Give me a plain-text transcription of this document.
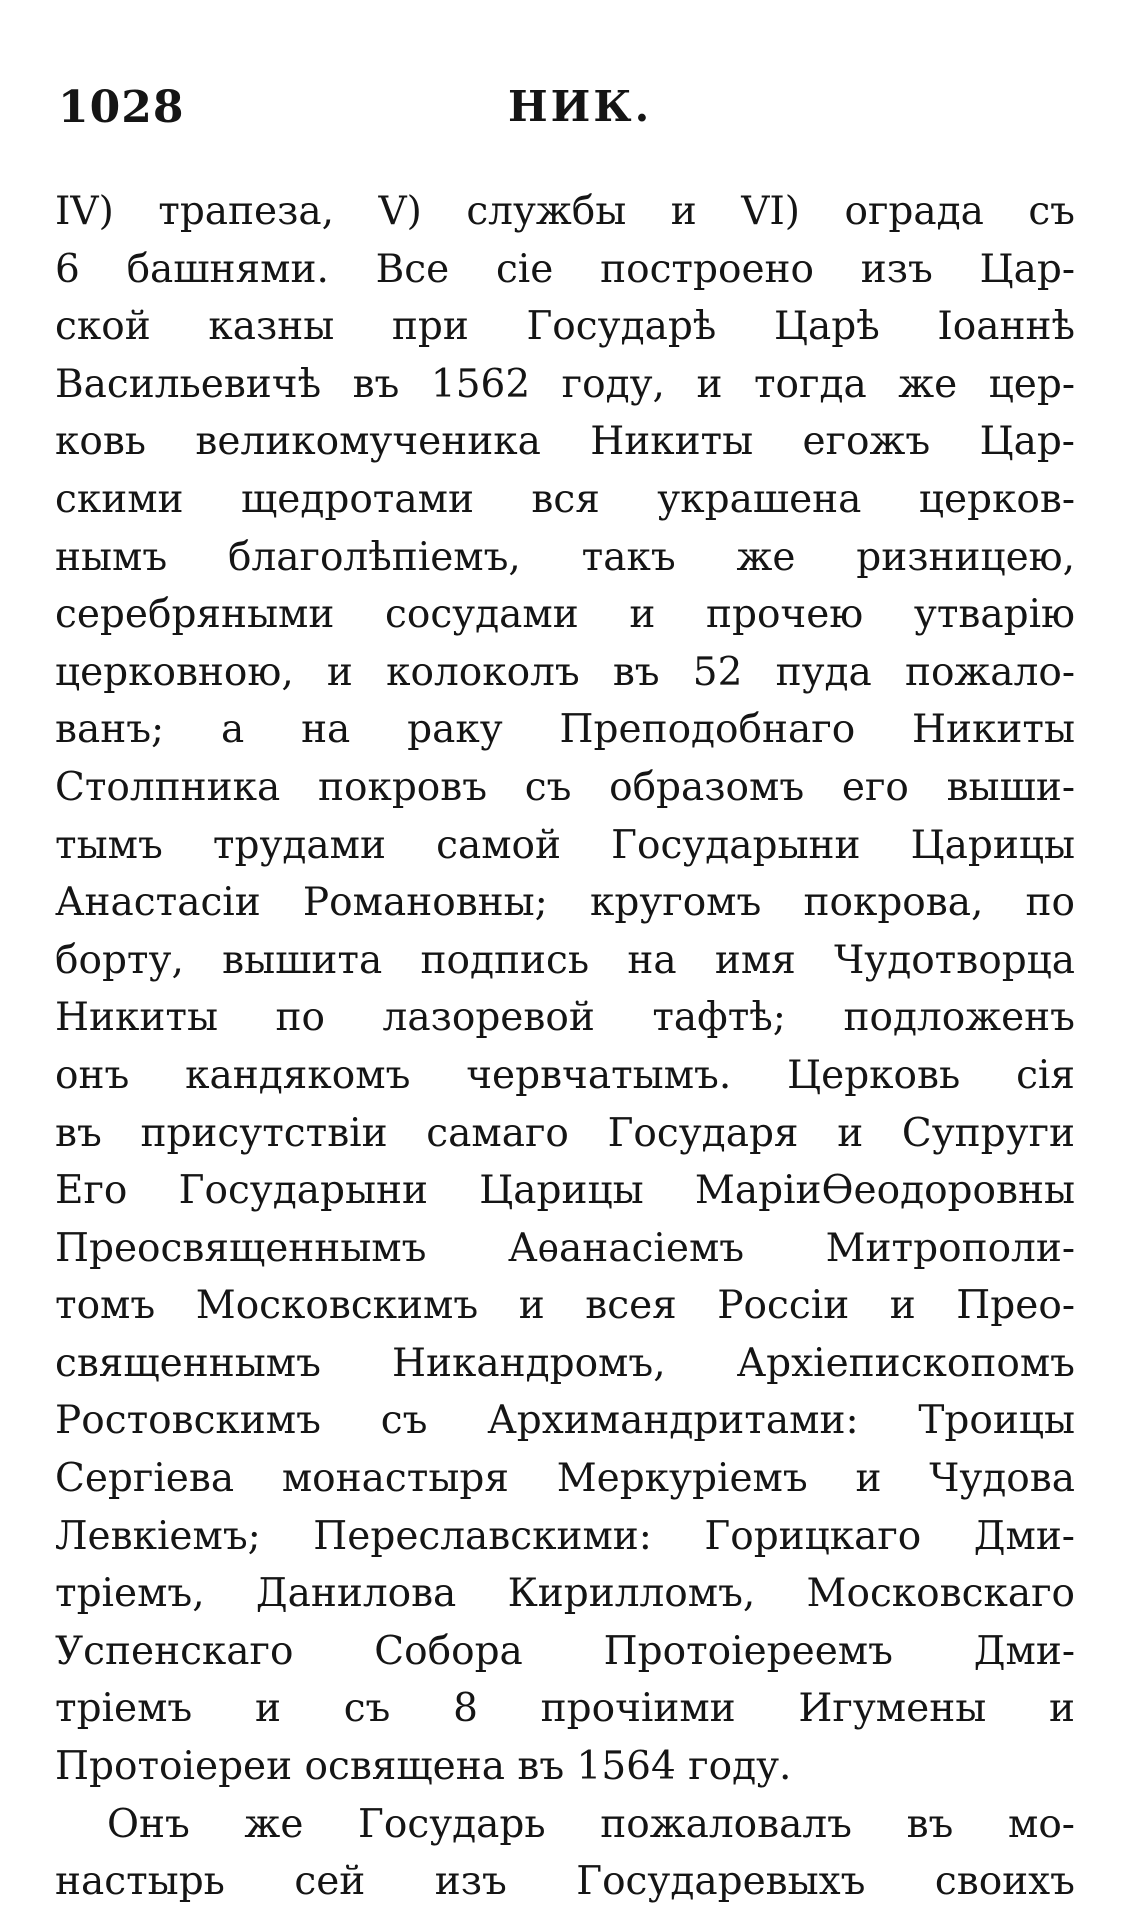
1028	НИК.
IV) трапеза, V) службы и VI) ограда съ
6 башнями. Все сіе построено изъ Цар-
ской казны при Государѣ Царѣ Іоаннѣ
Васильевичѣ въ 1562 году, и тогда же цер-
ковь великомученика Никиты егожъ Цар-
скими щедротами вся украшена церков-
нымъ благолѣпіемъ, такъ же ризницею,
серебряными сосудами и прочею утварію
церковною, и колоколъ въ 52 пуда пожало-
ванъ; а на раку Преподобнаго Никиты
Столпника покровъ съ образомъ его выши-
тымъ трудами самой Государыни Царицы
Анастасіи Романовны; кругомъ покрова, по
борту, вышита подпись на имя Чудотворца
Никиты по лазоревой тафтѣ; подложенъ
онъ кандякомъ червчатымъ. Церковь сія
въ присутствіи самаго Государя и Супруги
Его Государыни Царицы МаріиѲеодоровны
Преосвященнымъ Аѳанасіемъ Митрополи-
томъ Московскимъ и всея Россіи и Прео-
священнымъ Никандромъ, Архіепископомъ
Ростовскимъ съ Архимандритами: Троицы
Сергіева монастыря Меркуріемъ и Чудова
Левкіемъ; Переславскими: Горицкаго Дми-
тріемъ, Данилова Кирилломъ, Московскаго
Успенскаго Собора Протоіереемъ Дми-
тріемъ и съ 8 прочіими Игумены и
Протоіереи освящена въ 1564 году.
Онъ же Государь пожаловалъ въ мо-
настырь сей изъ Государевыхъ своихъ
